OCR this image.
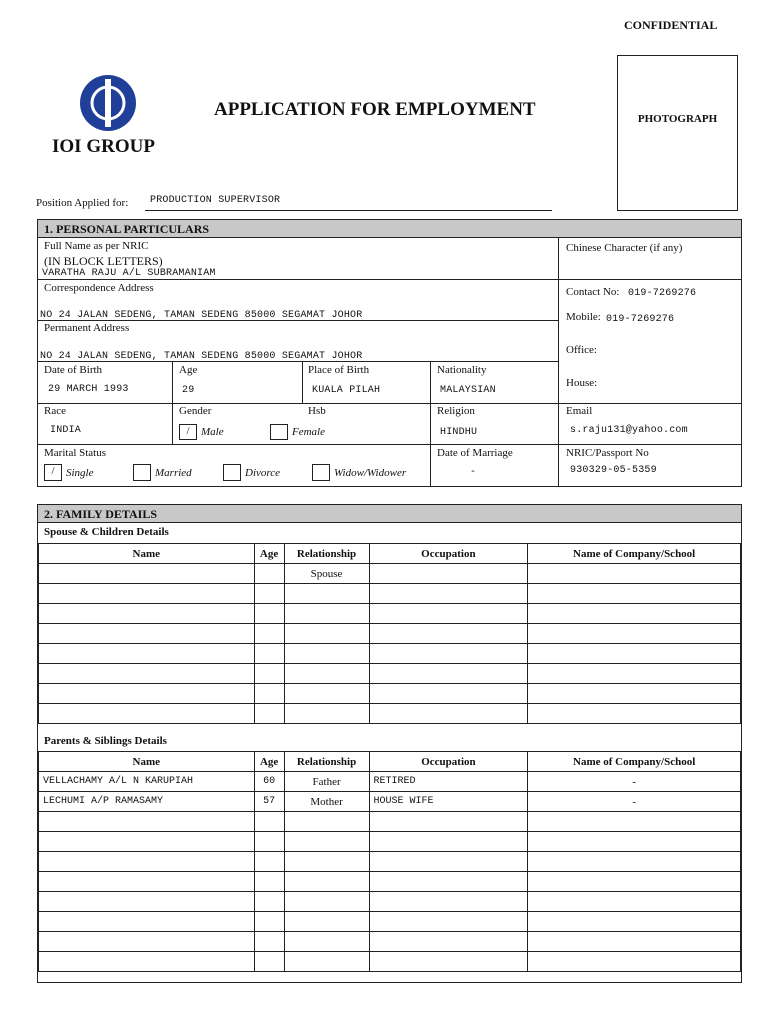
CONFIDENTIAL
IOI GROUP
APPLICATION FOR EMPLOYMENT	PHOTOGRAPH
Position Applied for: PRODUCTION SUPERVISOR
1. PERSONAL PARTICULARS
Full Name as per NRIC
(IN BLOCK LETTERS)
VARATHA RAJU A/L SUBRAMANIAM
Chinese Character (if any)
Correspondence Address
NO 24 JALAN SEDENG, TAMAN SEDENG 85000 SEGAMAT JOHOR
Permanent Address
NO 24 JALAN SEDENG, TAMAN SEDENG 85000 SEGAMAT JOHOR
Contact No: 019-7269276
Mobile: 019-7269276
Office:
House:
Date of Birth
29 MARCH 1993
Age
29
Place of Birth
KUALA PILAH
Nationality
MALAYSIAN
Race
INDIA
Gender	Hsb
/	Male	Female
Religion
HINDHU
Email
s.raju131@yahoo.com
Marital Status
/	Single	Married	Divorce	Widow/Widower
Date of Marriage
-
NRIC/Passport No
930329-05-5359
2. FAMILY DETAILS
Spouse & Children Details
Name	Age	Relationship	Occupation	Name of Company/School
		Spouse		

Parents & Siblings Details
Name	Age	Relationship	Occupation	Name of Company/School
VELLACHAMY A/L N KARUPIAH	60	Father	RETIRED	-
LECHUMI A/P RAMASAMY	57	Mother	HOUSE WIFE	-
